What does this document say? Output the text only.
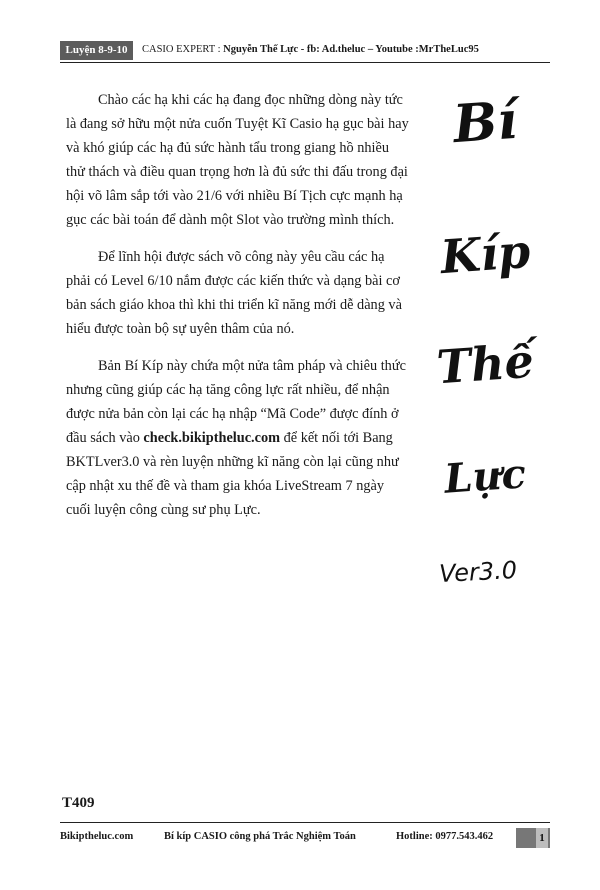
Luyện 8-9-10	CASIO EXPERT : Nguyễn Thế Lực - fb: Ad.theluc – Youtube :MrTheLuc95

Chào các hạ khi các hạ đang đọc những dòng này tức là đang sở hữu một nửa cuốn Tuyệt Kĩ Casio hạ gục bài hay và khó giúp các hạ đủ sức hành tẩu trong giang hồ nhiều thử thách và điều quan trọng hơn là đủ sức thi đấu trong đại hội võ lâm sắp tới vào 21/6 với nhiều Bí Tịch cực mạnh hạ gục các bài toán để dành một Slot vào trường mình thích.

Để lĩnh hội được sách võ công này yêu cầu các hạ phải có Level 6/10 nắm được các kiến thức và dạng bài cơ bản sách giáo khoa thì khi thi triển kĩ năng mới dễ dàng và hiểu được toàn bộ sự uyên thâm của nó.

Bản Bí Kíp này chứa một nửa tâm pháp và chiêu thức nhưng cũng giúp các hạ tăng công lực rất nhiều, để nhận được nửa bản còn lại các hạ nhập “Mã Code” được đính ở đầu sách vào check.bikiptheluc.com để kết nối tới Bang BKTLver3.0 và rèn luyện những kĩ năng còn lại cũng như cập nhật xu thế đề và tham gia khóa LiveStream 7 ngày cuối luyện công cùng sư phụ Lực.

Bí
Kíp
Thế
Lực
Ver3.0
T409
Bikiptheluc.com	Bí kíp CASIO công phá Trắc Nghiệm Toán	Hotline: 0977.543.462	1
